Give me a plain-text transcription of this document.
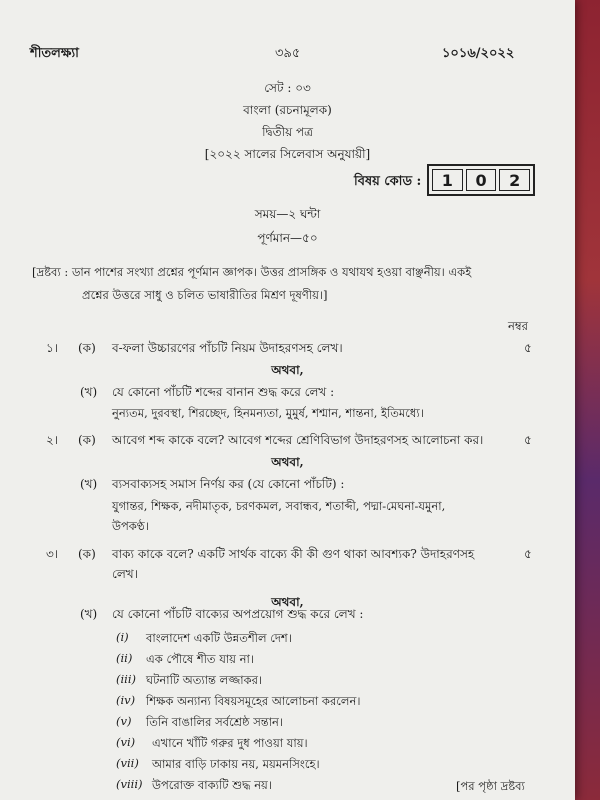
শীতলক্ষ্যা	৩৯৫	১০১৬/২০২২
সেট : ০৩
বাংলা (রচনামূলক)
দ্বিতীয় পত্র
[২০২২ সালের সিলেবাস অনুযায়ী]
বিষয় কোড :	1	0	2
সময়—২ ঘন্টা
পূর্ণমান—৫০
[দ্রষ্টব্য : ডান পাশের সংখ্যা প্রশ্নের পূর্ণমান জ্ঞাপক। উত্তর প্রাসঙ্গিক ও যথাযথ হওয়া বাঞ্ছনীয়। একই
প্রশ্নের উত্তরে সাধু ও চলিত ভাষারীতির মিশ্রণ দূষণীয়।]
নম্বর
১। (ক) ব-ফলা উচ্চারণের পাঁচটি নিয়ম উদাহরণসহ লেখ।	৫
অথবা,
(খ) যে কোনো পাঁচটি শব্দের বানান শুদ্ধ করে লেখ :
নুন্যতম, দুরবস্থা, শিরচ্ছেদ, হিনমন্যতা, মুমুর্ষ, শশ্মান, শান্তনা, ইতিমধ্যে।
২। (ক) আবেগ শব্দ কাকে বলে? আবেগ শব্দের শ্রেণিবিভাগ উদাহরণসহ আলোচনা কর।	৫
অথবা,
(খ) ব্যসবাক্যসহ সমাস নির্ণয় কর (যে কোনো পাঁচটি) :
যুগান্তর, শিক্ষক, নদীমাতৃক, চরণকমল, সবান্ধব, শতাব্দী, পদ্মা-মেঘনা-যমুনা,
উপকণ্ঠ।
৩। (ক) বাক্য কাকে বলে? একটি সার্থক বাক্যে কী কী গুণ থাকা আবশ্যক? উদাহরণসহ
লেখ।
৫
অথবা,
(খ) যে কোনো পাঁচটি বাক্যের অপপ্রয়োগ শুদ্ধ করে লেখ :
(i) বাংলাদেশ একটি উন্নতশীল দেশ।
(ii) এক পৌষে শীত যায় না।
(iii) ঘটনাটি অত্যান্ত লজ্জাকর।
(iv) শিক্ষক অন্যান্য বিষয়সমূহের আলোচনা করলেন।
(v) তিনি বাঙালির সর্বশ্রেষ্ঠ সন্তান।
(vi) এখানে খাঁটি গরুর দুধ পাওয়া যায়।
(vii) আমার বাড়ি ঢাকায় নয়, ময়মনসিংহে।
(viii) উপরোক্ত বাক্যটি শুদ্ধ নয়।	[পর পৃষ্ঠা দ্রষ্টব্য
